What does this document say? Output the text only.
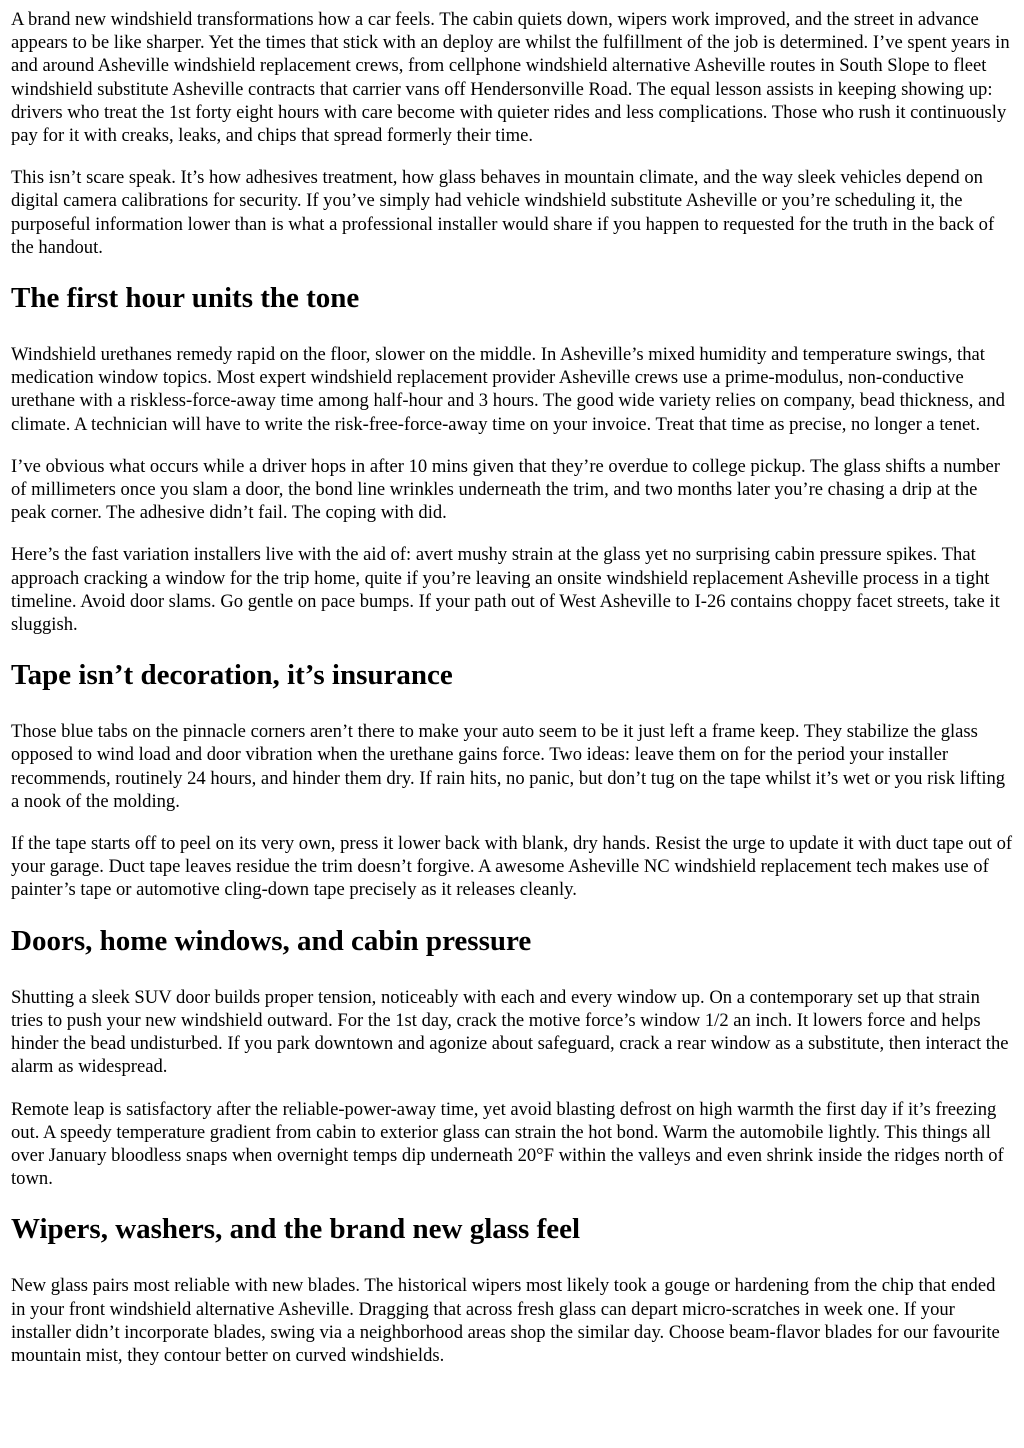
A brand new windshield transformations how a car feels. The cabin quiets down, wipers work improved, and the street in advance appears to be like sharper. Yet the times that stick with an deploy are whilst the fulfillment of the job is determined. I’ve spent years in and around Asheville windshield replacement crews, from cellphone windshield alternative Asheville routes in South Slope to fleet windshield substitute Asheville contracts that carrier vans off Hendersonville Road. The equal lesson assists in keeping showing up: drivers who treat the 1st forty eight hours with care become with quieter rides and less complications. Those who rush it continuously pay for it with creaks, leaks, and chips that spread formerly their time.

This isn’t scare speak. It’s how adhesives treatment, how glass behaves in mountain climate, and the way sleek vehicles depend on digital camera calibrations for security. If you’ve simply had vehicle windshield substitute Asheville or you’re scheduling it, the purposeful information lower than is what a professional installer would share if you happen to requested for the truth in the back of the handout.

The first hour units the tone

Windshield urethanes remedy rapid on the floor, slower on the middle. In Asheville’s mixed humidity and temperature swings, that medication window topics. Most expert windshield replacement provider Asheville crews use a prime-modulus, non-conductive urethane with a riskless-force-away time among half-hour and 3 hours. The good wide variety relies on company, bead thickness, and climate. A technician will have to write the risk-free-force-away time on your invoice. Treat that time as precise, no longer a tenet.

I’ve obvious what occurs while a driver hops in after 10 mins given that they’re overdue to college pickup. The glass shifts a number of millimeters once you slam a door, the bond line wrinkles underneath the trim, and two months later you’re chasing a drip at the peak corner. The adhesive didn’t fail. The coping with did.

Here’s the fast variation installers live with the aid of: avert mushy strain at the glass yet no surprising cabin pressure spikes. That approach cracking a window for the trip home, quite if you’re leaving an onsite windshield replacement Asheville process in a tight timeline. Avoid door slams. Go gentle on pace bumps. If your path out of West Asheville to I-26 contains choppy facet streets, take it sluggish.

Tape isn’t decoration, it’s insurance

Those blue tabs on the pinnacle corners aren’t there to make your auto seem to be it just left a frame keep. They stabilize the glass opposed to wind load and door vibration when the urethane gains force. Two ideas: leave them on for the period your installer recommends, routinely 24 hours, and hinder them dry. If rain hits, no panic, but don’t tug on the tape whilst it’s wet or you risk lifting a nook of the molding.

If the tape starts off to peel on its very own, press it lower back with blank, dry hands. Resist the urge to update it with duct tape out of your garage. Duct tape leaves residue the trim doesn’t forgive. A awesome Asheville NC windshield replacement tech makes use of painter’s tape or automotive cling-down tape precisely as it releases cleanly.

Doors, home windows, and cabin pressure

Shutting a sleek SUV door builds proper tension, noticeably with each and every window up. On a contemporary set up that strain tries to push your new windshield outward. For the 1st day, crack the motive force’s window 1/2 an inch. It lowers force and helps hinder the bead undisturbed. If you park downtown and agonize about safeguard, crack a rear window as a substitute, then interact the alarm as widespread.

Remote leap is satisfactory after the reliable-power-away time, yet avoid blasting defrost on high warmth the first day if it’s freezing out. A speedy temperature gradient from cabin to exterior glass can strain the hot bond. Warm the automobile lightly. This things all over January bloodless snaps when overnight temps dip underneath 20°F within the valleys and even shrink inside the ridges north of town.

Wipers, washers, and the brand new glass feel

New glass pairs most reliable with new blades. The historical wipers most likely took a gouge or hardening from the chip that ended in your front windshield alternative Asheville. Dragging that across fresh glass can depart micro-scratches in week one. If your installer didn’t incorporate blades, swing via a neighborhood areas shop the similar day. Choose beam-flavor blades for our favourite mountain mist, they contour better on curved windshields.
